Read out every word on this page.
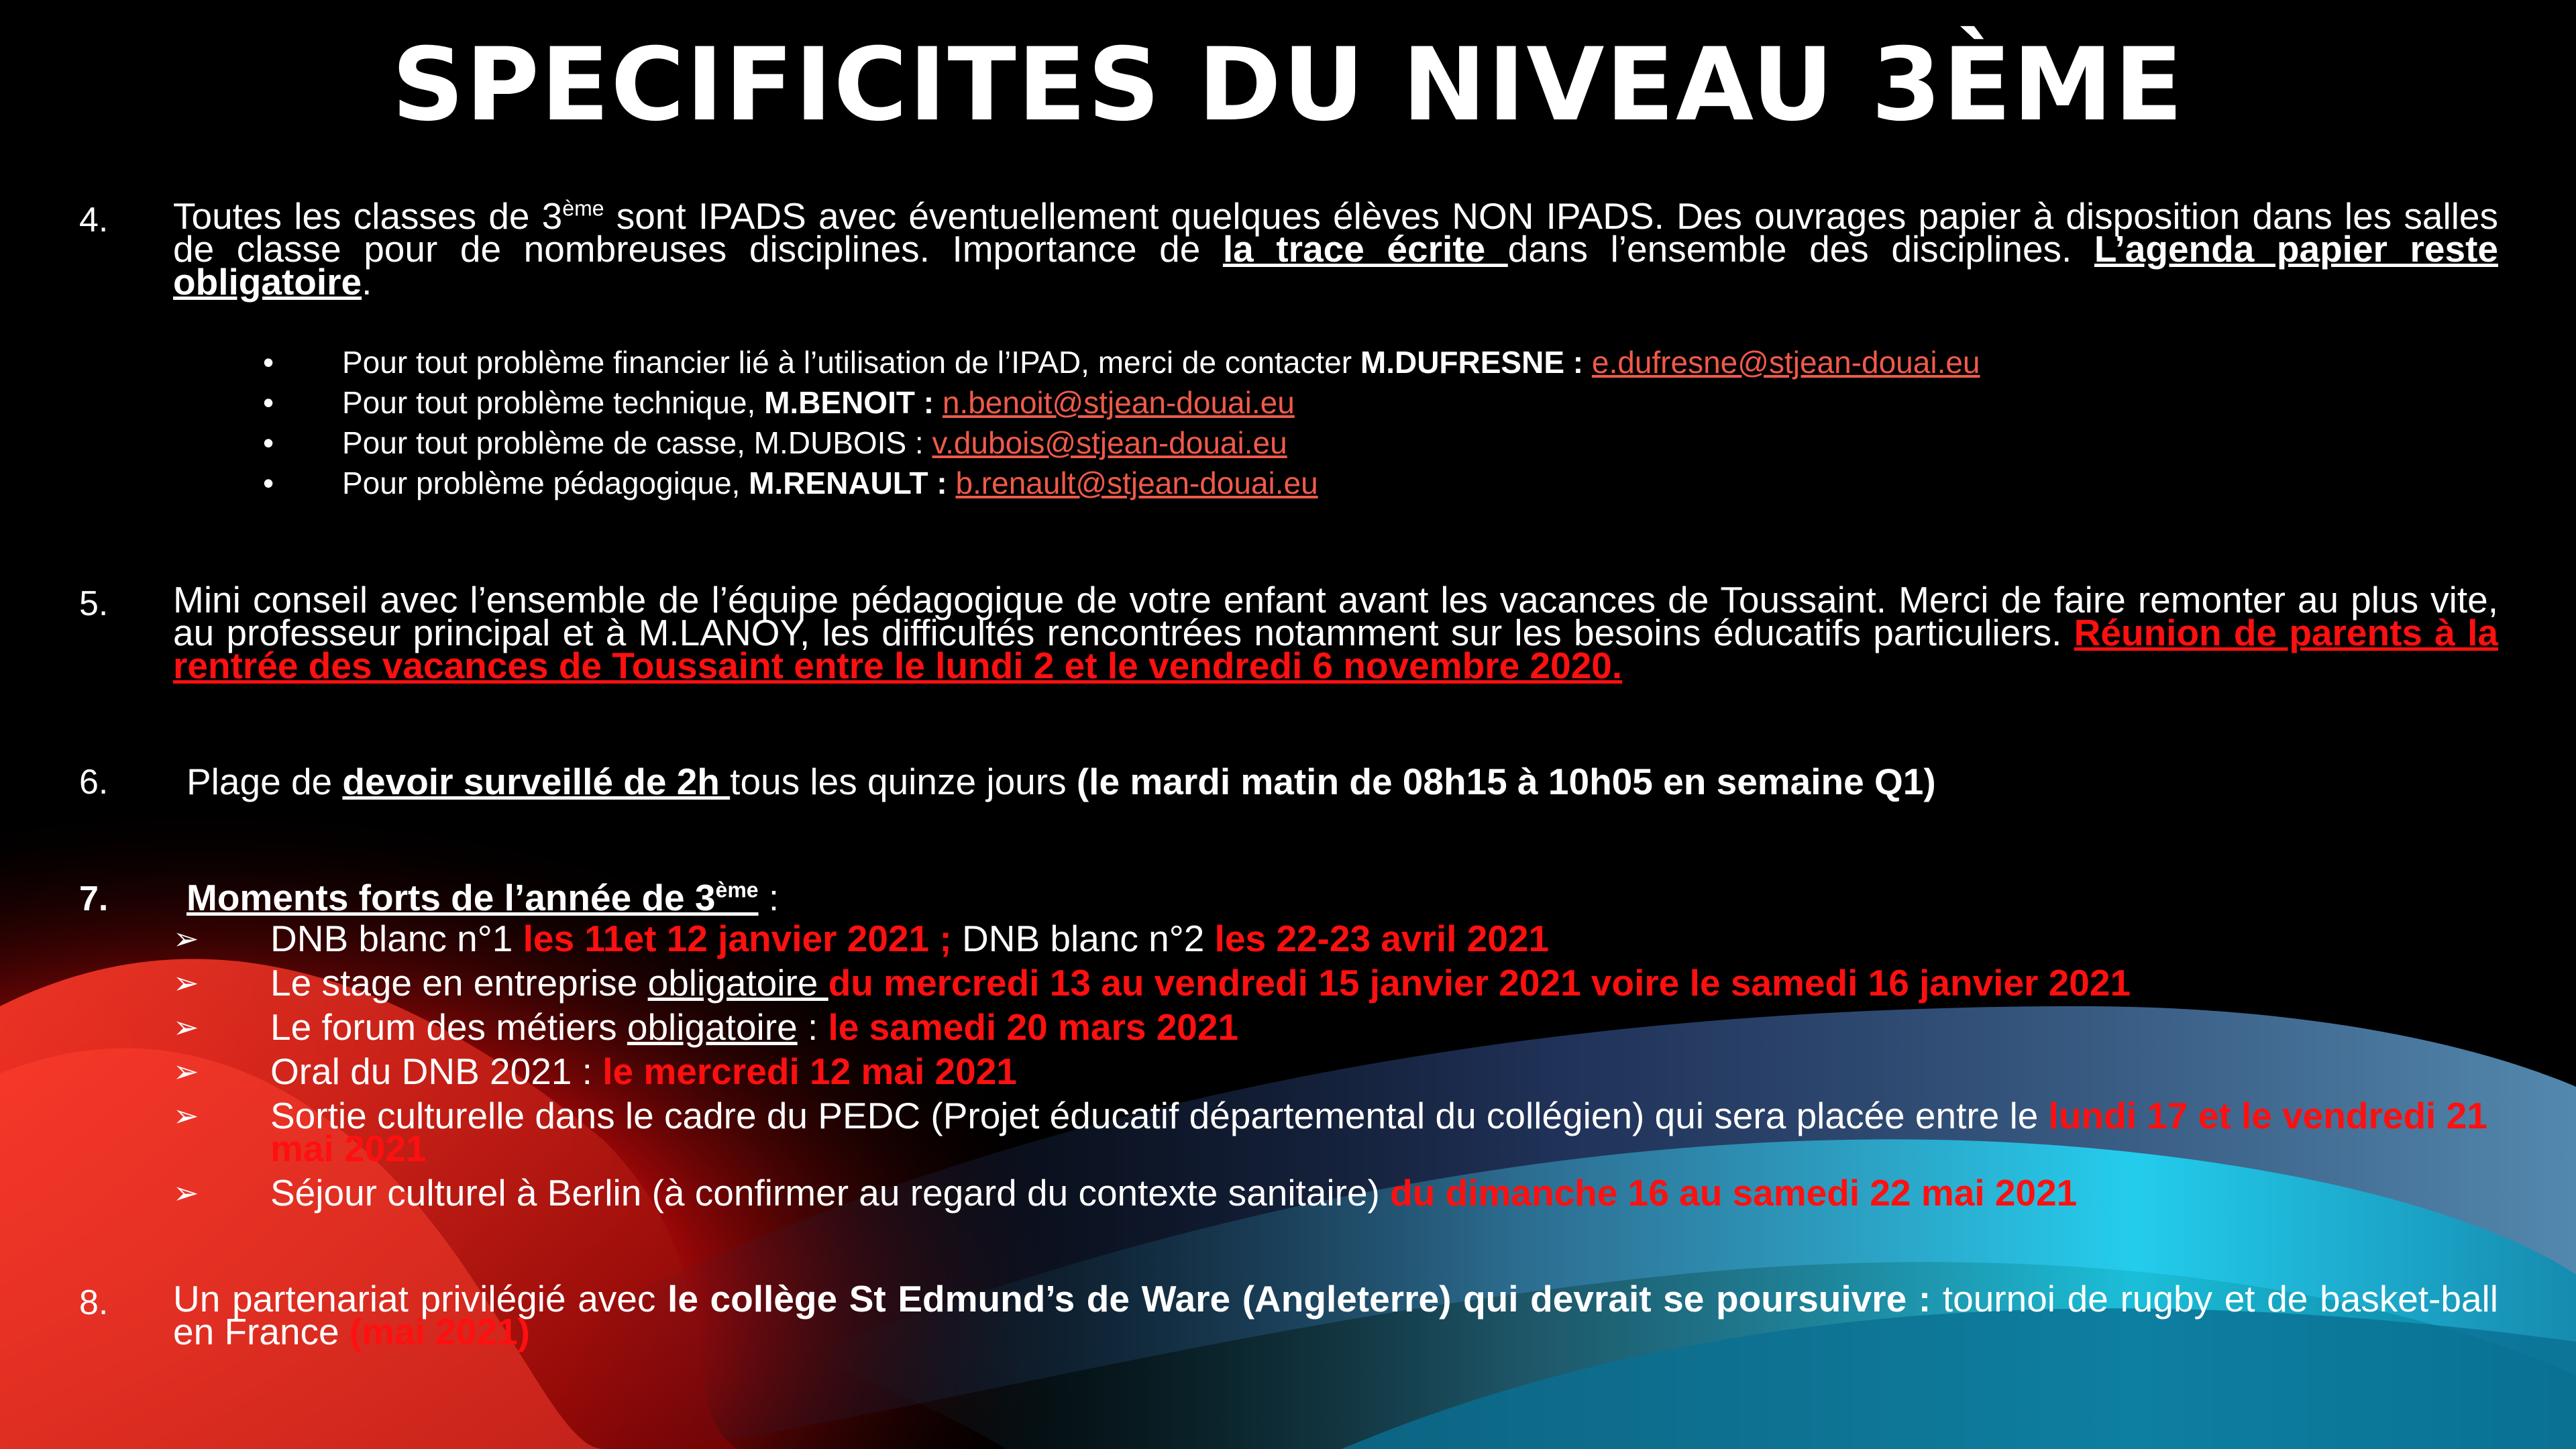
SPECIFICITES DU NIVEAU 3ÈME
4. Toutes les classes de 3ème sont IPADS avec éventuellement quelques élèves NON IPADS. Des ouvrages papier à disposition dans les salles de classe pour de nombreuses disciplines. Importance de la trace écrite dans l’ensemble des disciplines. L’agenda papier reste obligatoire.
• Pour tout problème financier lié à l’utilisation de l’IPAD, merci de contacter M.DUFRESNE : e.dufresne@stjean-douai.eu
• Pour tout problème technique, M.BENOIT : n.benoit@stjean-douai.eu
• Pour tout problème de casse, M.DUBOIS : v.dubois@stjean-douai.eu
• Pour problème pédagogique, M.RENAULT : b.renault@stjean-douai.eu
5. Mini conseil avec l’ensemble de l’équipe pédagogique de votre enfant avant les vacances de Toussaint. Merci de faire remonter au plus vite, au professeur principal et à M.LANOY, les difficultés rencontrées notamment sur les besoins éducatifs particuliers. Réunion de parents à la rentrée des vacances de Toussaint entre le lundi 2 et le vendredi 6 novembre 2020.
6. Plage de devoir surveillé de 2h tous les quinze jours (le mardi matin de 08h15 à 10h05 en semaine Q1)
7. Moments forts de l’année de 3ème :
➢ DNB blanc n°1 les 11et 12 janvier 2021 ; DNB blanc n°2 les 22-23 avril 2021
➢ Le stage en entreprise obligatoire du mercredi 13 au vendredi 15 janvier 2021 voire le samedi 16 janvier 2021
➢ Le forum des métiers obligatoire : le samedi 20 mars 2021
➢ Oral du DNB 2021 : le mercredi 12 mai 2021
➢ Sortie culturelle dans le cadre du PEDC (Projet éducatif départemental du collégien) qui sera placée entre le lundi 17 et le vendredi 21 mai 2021
➢ Séjour culturel à Berlin (à confirmer au regard du contexte sanitaire) du dimanche 16 au samedi 22 mai 2021
8. Un partenariat privilégié avec le collège St Edmund’s de Ware (Angleterre) qui devrait se poursuivre : tournoi de rugby et de basket-ball en France (mai 2021)
